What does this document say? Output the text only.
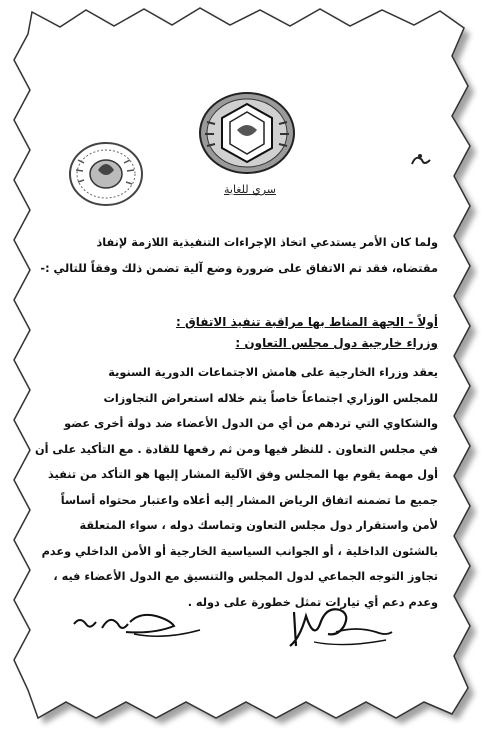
سري للغاية
ولما كان الأمر يستدعي اتخاذ الإجراءات التنفيذية اللازمة لإنفاذ
مقتضاه، فقد تم الاتفاق على ضرورة وضع آلية تضمن ذلك وفقاً للتالي :-
أولاً - الجهة المناط بها مراقبة تنفيذ الاتفاق :
وزراء خارجية دول مجلس التعاون :
يعقد وزراء الخارجية على هامش الاجتماعات الدورية السنوية
للمجلس الوزاري اجتماعاً خاصاً يتم خلاله استعراض التجاوزات
والشكاوي التي تردهم من أي من الدول الأعضاء ضد دولة أخرى عضو
في مجلس التعاون . للنظر فيها ومن ثم رفعها للقادة . مع التأكيد على أن
أول مهمة يقوم بها المجلس وفق الآلية المشار إليها هو التأكد من تنفيذ
جميع ما تضمنه اتفاق الرياض المشار إليه أعلاه واعتبار محتواه أساساً
لأمن واستقرار دول مجلس التعاون وتماسك دوله ، سواء المتعلقة
بالشئون الداخلية ، أو الجوانب السياسية الخارجية أو الأمن الداخلي وعدم
تجاوز التوجه الجماعي لدول المجلس والتنسيق مع الدول الأعضاء فيه ،
وعدم دعم أي تيارات تمثل خطورة على دوله .
